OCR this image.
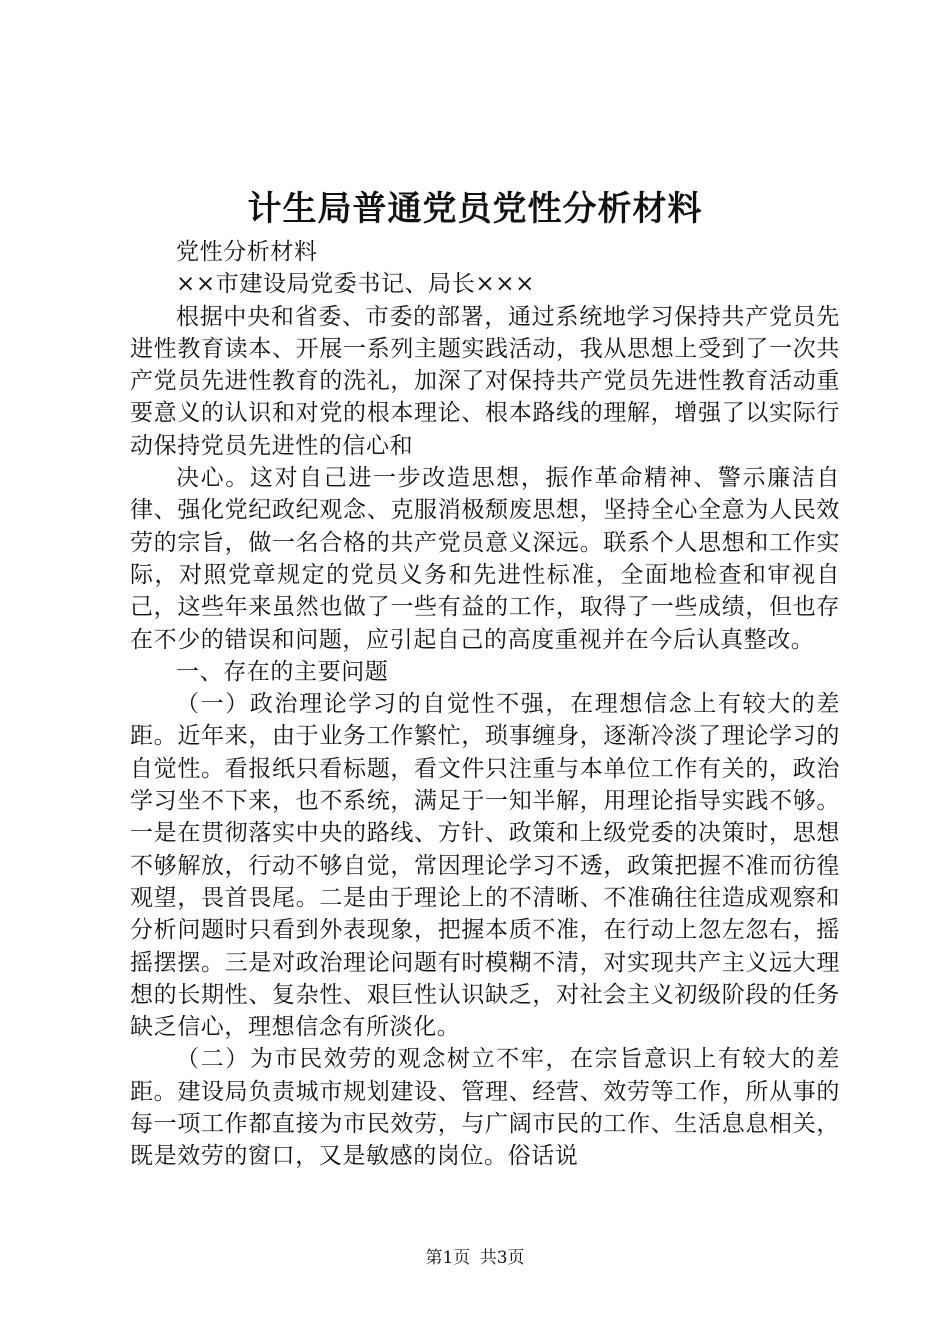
计生局普通党员党性分析材料

党性分析材料

××市建设局党委书记、局长×××

根据中央和省委、市委的部署，通过系统地学习保持共产党员先进性教育读本、开展一系列主题实践活动，我从思想上受到了一次共产党员先进性教育的洗礼，加深了对保持共产党员先进性教育活动重要意义的认识和对党的根本理论、根本路线的理解，增强了以实际行动保持党员先进性的信心和

决心。这对自己进一步改造思想，振作革命精神、警示廉洁自律、强化党纪政纪观念、克服消极颓废思想，坚持全心全意为人民效劳的宗旨，做一名合格的共产党员意义深远。联系个人思想和工作实际，对照党章规定的党员义务和先进性标准，全面地检查和审视自己，这些年来虽然也做了一些有益的工作，取得了一些成绩，但也存在不少的错误和问题，应引起自己的高度重视并在今后认真整改。

一、存在的主要问题

（一）政治理论学习的自觉性不强，在理想信念上有较大的差距。近年来，由于业务工作繁忙，琐事缠身，逐渐冷淡了理论学习的自觉性。看报纸只看标题，看文件只注重与本单位工作有关的，政治学习坐不下来，也不系统，满足于一知半解，用理论指导实践不够。一是在贯彻落实中央的路线、方针、政策和上级党委的决策时，思想不够解放，行动不够自觉，常因理论学习不透，政策把握不准而彷徨观望，畏首畏尾。二是由于理论上的不清晰、不准确往往造成观察和分析问题时只看到外表现象，把握本质不准，在行动上忽左忽右，摇摇摆摆。三是对政治理论问题有时模糊不清，对实现共产主义远大理想的长期性、复杂性、艰巨性认识缺乏，对社会主义初级阶段的任务缺乏信心，理想信念有所淡化。

（二）为市民效劳的观念树立不牢，在宗旨意识上有较大的差距。建设局负责城市规划建设、管理、经营、效劳等工作，所从事的每一项工作都直接为市民效劳，与广阔市民的工作、生活息息相关，既是效劳的窗口，又是敏感的岗位。俗话说

第1页 共3页
